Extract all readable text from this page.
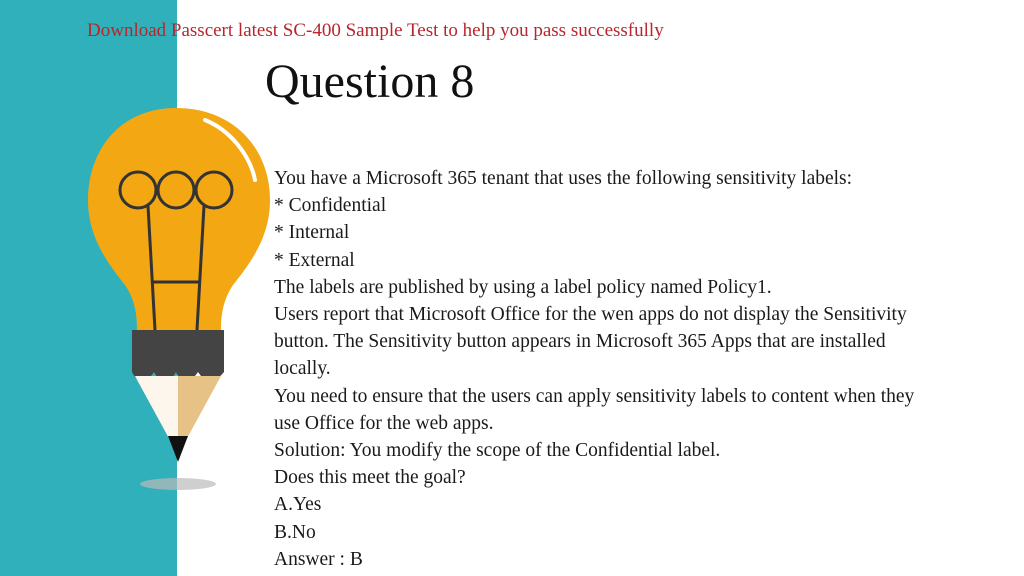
Download Passcert latest SC-400 Sample Test to help you pass successfully
Question 8
You have a Microsoft 365 tenant that uses the following sensitivity labels:
* Confidential
* Internal
* External
The labels are published by using a label policy named Policy1.
Users report that Microsoft Office for the wen apps do not display the Sensitivity
button. The Sensitivity button appears in Microsoft 365 Apps that are installed
locally.
You need to ensure that the users can apply sensitivity labels to content when they
use Office for the web apps.
Solution: You modify the scope of the Confidential label.
Does this meet the goal?
A.Yes
B.No
Answer : B
